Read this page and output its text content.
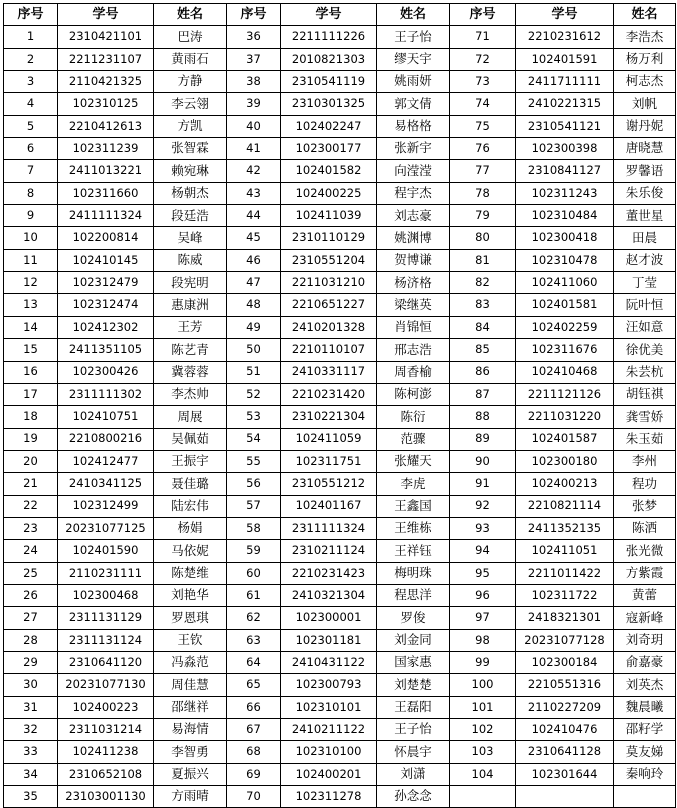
序号	学号	姓名	序号	学号	姓名	序号	学号	姓名
1	2310421101	巴涛	36	2211111226	王子怡	71	2210231612	李浩杰
2	2211231107	黄雨石	37	2010821303	缪天宇	72	102401591	杨万利
3	2110421325	方静	38	2310541119	姚雨妍	73	2411711111	柯志杰
4	102310125	李云翎	39	2310301325	郭文倩	74	2410221315	刘帆
5	2210412613	方凯	40	102402247	易格格	75	2310541121	谢丹妮
6	102311239	张智霖	41	102300177	张新宇	76	102300398	唐晓慧
7	2411013221	赖宛琳	42	102401582	向滢滢	77	2310841127	罗馨语
8	102311660	杨朝杰	43	102400225	程宇杰	78	102311243	朱乐俊
9	2411111324	段廷浩	44	102411039	刘志豪	79	102310484	董世星
10	102200814	吴峰	45	2310110129	姚渊博	80	102300418	田晨
11	102410145	陈威	46	2310551204	贺博谦	81	102310478	赵才波
12	102312479	段宪明	47	2211031210	杨济格	82	102411060	丁莹
13	102312474	惠康洲	48	2210651227	梁继英	83	102401581	阮叶恒
14	102412302	王芳	49	2410201328	肖锦恒	84	102402259	汪如意
15	2411351105	陈艺青	50	2210110107	邢志浩	85	102311676	徐优美
16	102300426	冀蓉蓉	51	2410331117	周香榆	86	102410468	朱芸杭
17	2311111302	李杰帅	52	2210231420	陈柯澎	87	2211121126	胡钰祺
18	102410751	周展	53	2310221304	陈衍	88	2211031220	龚雪娇
19	2210800216	吴佩茹	54	102411059	范骤	89	102401587	朱玉茹
20	102412477	王振宇	55	102311751	张耀天	90	102300180	李州
21	2410341125	聂佳璐	56	2310551212	李虎	91	102400213	程功
22	102312499	陆宏伟	57	102401167	王鑫国	92	2210821114	张梦
23	20231077125	杨娟	58	2311111324	王维栋	93	2411352135	陈洒
24	102401590	马依妮	59	2310211124	王祥钰	94	102411051	张光微
25	2110231111	陈楚维	60	2210231423	梅明珠	95	2211011422	方紫霞
26	102300468	刘艳华	61	2410321304	程思洋	96	102311722	黄蕾
27	2311131129	罗恩琪	62	102300001	罗俊	97	2418321301	寇新峰
28	2311131124	王钦	63	102301181	刘金同	98	20231077128	刘奇玥
29	2310641120	冯淼范	64	2410431122	国家惠	99	102300184	俞嘉豪
30	20231077130	周佳慧	65	102300793	刘楚楚	100	2210551316	刘英杰
31	102400223	邵继祥	66	102310101	王磊阳	101	2110227209	魏晨曦
32	2311031214	易海情	67	2410211122	王子怡	102	102410476	邵籽学
33	102411238	李智勇	68	102310100	怀晨宇	103	2310641128	莫友娣
34	2310652108	夏振兴	69	102400201	刘潇	104	102301644	秦响玲
35	23103001130	方雨晴	70	102311278	孙念念			
